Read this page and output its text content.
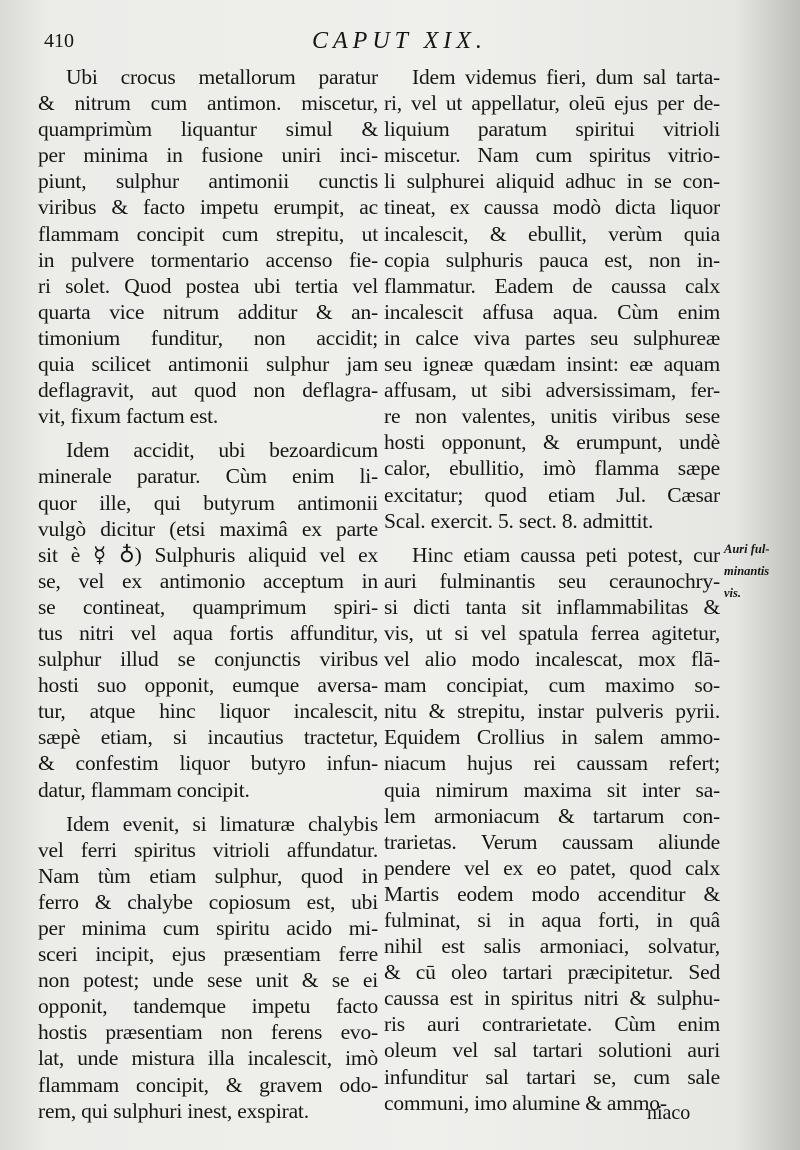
410	CAPUT XIX.
Ubi crocus metallorum paratur
& nitrum cum antimon. miscetur,
quamprimùm liquantur simul &
per minima in fusione uniri inci-
piunt, sulphur antimonii cunctis
viribus & facto impetu erumpit, ac
flammam concipit cum strepitu, ut
in pulvere tormentario accenso fie-
ri solet. Quod postea ubi tertia vel
quarta vice nitrum additur & an-
timonium funditur, non accidit;
quia scilicet antimonii sulphur jam
deflagravit, aut quod non deflagra-
vit, fixum factum est.
Idem accidit, ubi bezoardicum
minerale paratur. Cùm enim li-
quor ille, qui butyrum antimonii
vulgò dicitur (etsi maximâ ex parte
sit è ☿ ♁) Sulphuris aliquid vel ex
se, vel ex antimonio acceptum in
se contineat, quamprimum spiri-
tus nitri vel aqua fortis affunditur,
sulphur illud se conjunctis viribus
hosti suo opponit, eumque aversa-
tur, atque hinc liquor incalescit,
sæpè etiam, si incautius tractetur,
& confestim liquor butyro infun-
datur, flammam concipit.
Idem evenit, si limaturæ chalybis
vel ferri spiritus vitrioli affundatur.
Nam tùm etiam sulphur, quod in
ferro & chalybe copiosum est, ubi
per minima cum spiritu acido mi-
sceri incipit, ejus præsentiam ferre
non potest; unde sese unit & se ei
opponit, tandemque impetu facto
hostis præsentiam non ferens evo-
lat, unde mistura illa incalescit, imò
flammam concipit, & gravem odo-
rem, qui sulphuri inest, exspirat.
Idem videmus fieri, dum sal tarta-
ri, vel ut appellatur, oleū ejus per de-
liquium paratum spiritui vitrioli
miscetur. Nam cum spiritus vitrio-
li sulphurei aliquid adhuc in se con-
tineat, ex caussa modò dicta liquor
incalescit, & ebullit, verùm quia
copia sulphuris pauca est, non in-
flammatur. Eadem de caussa calx
incalescit affusa aqua. Cùm enim
in calce viva partes seu sulphureæ
seu igneæ quædam insint: eæ aquam
affusam, ut sibi adversissimam, fer-
re non valentes, unitis viribus sese
hosti opponunt, & erumpunt, undè
calor, ebullitio, imò flamma sæpe
excitatur; quod etiam Jul. Cæsar
Scal. exercit. 5. sect. 8. admittit.
Hinc etiam caussa peti potest, cur
auri fulminantis seu ceraunochry-
si dicti tanta sit inflammabilitas &
vis, ut si vel spatula ferrea agitetur,
vel alio modo incalescat, mox flā-
mam concipiat, cum maximo so-
nitu & strepitu, instar pulveris pyrii.
Equidem Crollius in salem ammo-
niacum hujus rei caussam refert;
quia nimirum maxima sit inter sa-
lem armoniacum & tartarum con-
trarietas. Verum caussam aliunde
pendere vel ex eo patet, quod calx
Martis eodem modo accenditur &
fulminat, si in aqua forti, in quâ
nihil est salis armoniaci, solvatur,
& cū oleo tartari præcipitetur. Sed
caussa est in spiritus nitri & sulphu-
ris auri contrarietate. Cùm enim
oleum vel sal tartari solutioni auri
infunditur sal tartari se, cum sale
communi, imo alumine & ammo-
Auri ful-
minantis
vis.
niaco
